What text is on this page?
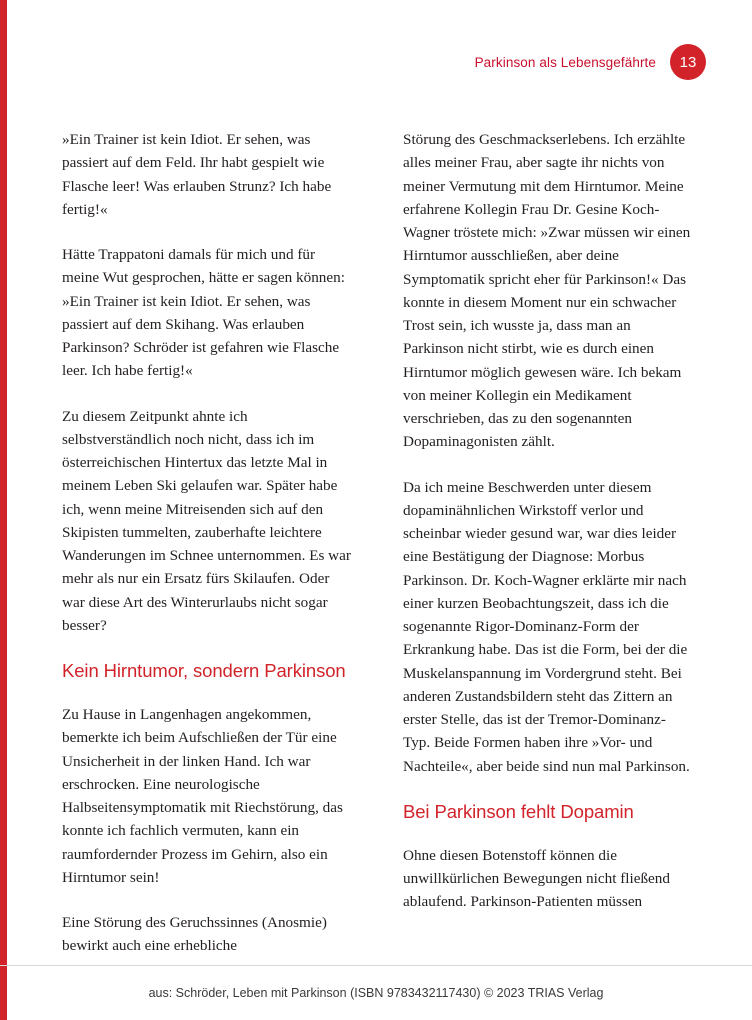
Parkinson als Lebensgefährte	13

»Ein Trainer ist kein Idiot. Er sehen, was passiert auf dem Feld. Ihr habt gespielt wie Flasche leer! Was erlauben Strunz? Ich habe fertig!«

Hätte Trappatoni damals für mich und für meine Wut gesprochen, hätte er sagen können: »Ein Trainer ist kein Idiot. Er sehen, was passiert auf dem Skihang. Was erlauben Parkinson? Schröder ist gefahren wie Flasche leer. Ich habe fertig!«

Zu diesem Zeitpunkt ahnte ich selbstverständlich noch nicht, dass ich im österreichischen Hintertux das letzte Mal in meinem Leben Ski gelaufen war. Später habe ich, wenn meine Mitreisenden sich auf den Skipisten tummelten, zauberhafte leichtere Wanderungen im Schnee unternommen. Es war mehr als nur ein Ersatz fürs Skilaufen. Oder war diese Art des Winterurlaubs nicht sogar besser?

Kein Hirntumor, sondern Parkinson

Zu Hause in Langenhagen angekommen, bemerkte ich beim Aufschließen der Tür eine Unsicherheit in der linken Hand. Ich war erschrocken. Eine neurologische Halbseitensymptomatik mit Riechstörung, das konnte ich fachlich vermuten, kann ein raumfordernder Prozess im Gehirn, also ein Hirntumor sein!

Eine Störung des Geruchssinnes (Anosmie) bewirkt auch eine erhebliche

Störung des Geschmackserlebens. Ich erzählte alles meiner Frau, aber sagte ihr nichts von meiner Vermutung mit dem Hirntumor. Meine erfahrene Kollegin Frau Dr. Gesine Koch-Wagner tröstete mich: »Zwar müssen wir einen Hirntumor ausschließen, aber deine Symptomatik spricht eher für Parkinson!« Das konnte in diesem Moment nur ein schwacher Trost sein, ich wusste ja, dass man an Parkinson nicht stirbt, wie es durch einen Hirntumor möglich gewesen wäre. Ich bekam von meiner Kollegin ein Medikament verschrieben, das zu den sogenannten Dopaminagonisten zählt.

Da ich meine Beschwerden unter diesem dopaminähnlichen Wirkstoff verlor und scheinbar wieder gesund war, war dies leider eine Bestätigung der Diagnose: Morbus Parkinson. Dr. Koch-Wagner erklärte mir nach einer kurzen Beobachtungszeit, dass ich die sogenannte Rigor-Dominanz-Form der Erkrankung habe. Das ist die Form, bei der die Muskelanspannung im Vordergrund steht. Bei anderen Zustandsbildern steht das Zittern an erster Stelle, das ist der Tremor-Dominanz-Typ. Beide Formen haben ihre »Vor- und Nachteile«, aber beide sind nun mal Parkinson.

Bei Parkinson fehlt Dopamin

Ohne diesen Botenstoff können die unwillkürlichen Bewegungen nicht fließend ablaufend. Parkinson-Patienten müssen

aus: Schröder, Leben mit Parkinson (ISBN 9783432117430) © 2023 TRIAS Verlag
